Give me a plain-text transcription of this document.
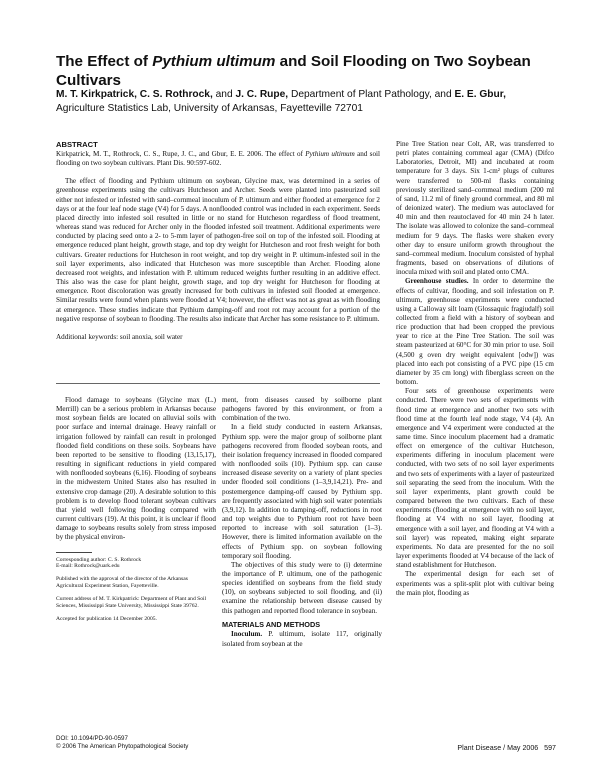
The Effect of Pythium ultimum and Soil Flooding on Two Soybean Cultivars
M. T. Kirkpatrick, C. S. Rothrock, and J. C. Rupe, Department of Plant Pathology, and E. E. Gbur, Agriculture Statistics Lab, University of Arkansas, Fayetteville 72701

ABSTRACT

Kirkpatrick, M. T., Rothrock, C. S., Rupe, J. C., and Gbur, E. E. 2006. The effect of Pythium ultimum and soil flooding on two soybean cultivars. Plant Dis. 90:597-602.

The effect of flooding and Pythium ultimum on soybean, Glycine max, was determined in a series of greenhouse experiments using the cultivars Hutcheson and Archer. Seeds were planted into pasteurized soil either not infested or infested with sand–cornmeal inoculum of P. ultimum and either flooded at emergence for 2 days or at the four leaf node stage (V4) for 5 days. A nonflooded control was included in each experiment. Seeds placed directly into infested soil resulted in little or no stand for Hutcheson regardless of flood treatment, whereas stand was reduced for Archer only in the flooded infested soil treatment. Additional experiments were conducted by placing seed onto a 2- to 5-mm layer of pathogen-free soil on top of the infested soil. Flooding at emergence reduced plant height, growth stage, and top dry weight for Hutcheson and root fresh weight for both cultivars. Greater reductions for Hutcheson in root weight, and top dry weight in P. ultimum-infested soil in the soil layer experiments, also indicated that Hutcheson was more susceptible than Archer. Flooding alone decreased root weights, and infestation with P. ultimum reduced weights further resulting in an additive effect. This also was the case for plant height, growth stage, and top dry weight for Hutcheson for flooding at emergence. Root discoloration was greatly increased for both cultivars in infested soil flooded at emergence. Similar results were found when plants were flooded at V4; however, the effect was not as great as with flooding at emergence. These studies indicate that Pythium damping-off and root rot may account for a portion of the negative response of soybean to flooding. The results also indicate that Archer has some resistance to P. ultimum.

Additional keywords: soil anoxia, soil water

Flood damage to soybeans (Glycine max (L.) Merrill) can be a serious problem in Arkansas because most soybean fields are located on alluvial soils with poor surface and internal drainage. Heavy rainfall or irrigation followed by rainfall can result in prolonged flooded field conditions on these soils. Soybeans have been reported to be sensitive to flooding (13,15,17), resulting in significant reductions in yield compared with nonflooded soybeans (6,16). Flooding of soybeans in the midwestern United States also has resulted in extensive crop damage (20). A desirable solution to this problem is to develop flood tolerant soybean cultivars that yield well following flooding compared with current cultivars (19). At this point, it is unclear if flood damage to soybeans results solely from stress imposed by the physical environ-

Corresponding author: C. S. Rothrock

E-mail: Rothrock@uark.edu

Published with the approval of the director of the Arkansas Agricultural Experiment Station, Fayetteville.

Current address of M. T. Kirkpatrick: Department of Plant and Soil Sciences, Mississippi State University, Mississippi State 39762.

Accepted for publication 14 December 2005.

ment, from diseases caused by soilborne plant pathogens favored by this environment, or from a combination of the two.

In a field study conducted in eastern Arkansas, Pythium spp. were the major group of soilborne plant pathogens recovered from flooded soybean roots, and their isolation frequency increased in flooded compared with nonflooded soils (10). Pythium spp. can cause increased disease severity on a variety of plant species under flooded soil conditions (1–3,9,14,21). Pre- and postemergence damping-off caused by Pythium spp. are frequently associated with high soil water potentials (3,9,12). In addition to damping-off, reductions in root and top weights due to Pythium root rot have been reported to increase with soil saturation (1–3). However, there is limited information available on the effects of Pythium spp. on soybean following temporary soil flooding.

The objectives of this study were to (i) determine the importance of P. ultimum, one of the pathogenic species identified on soybeans from the field study (10), on soybeans subjected to soil flooding, and (ii) examine the relationship between disease caused by this pathogen and reported flood tolerance in soybean.

MATERIALS AND METHODS

Inoculum. P. ultimum, isolate 117, originally isolated from soybean at the

Pine Tree Station near Colt, AR, was transferred to petri plates containing cornmeal agar (CMA) (Difco Laboratories, Detroit, MI) and incubated at room temperature for 3 days. Six 1-cm² plugs of cultures were transferred to 500-ml flasks containing previously sterilized sand–cornmeal medium (200 ml of sand, 11.2 ml of finely ground cornmeal, and 80 ml of deionized water). The medium was autoclaved for 40 min and then reautoclaved for 40 min 24 h later. The isolate was allowed to colonize the sand–cornmeal medium for 9 days. The flasks were shaken every other day to ensure uniform growth throughout the sand–cornmeal medium. Inoculum consisted of hyphal fragments, based on observations of dilutions of inocula mixed with soil and plated onto CMA.

Greenhouse studies. In order to determine the effects of cultivar, flooding, and soil infestation on P. ultimum, greenhouse experiments were conducted using a Calloway silt loam (Glossaquic fragiudalf) soil collected from a field with a history of soybean and rice production that had been cropped the previous year to rice at the Pine Tree Station. The soil was steam pasteurized at 60°C for 30 min prior to use. Soil (4,500 g oven dry weight equivalent [odw]) was placed into each pot consisting of a PVC pipe (15 cm diameter by 35 cm long) with fiberglass screen on the bottom.

Four sets of greenhouse experiments were conducted. There were two sets of experiments with flood time at emergence and another two sets with flood time at the fourth leaf node stage, V4 (4). An emergence and V4 experiment were conducted at the same time. Since inoculum placement had a dramatic effect on emergence of the cultivar Hutcheson, experiments differing in inoculum placement were conducted, with two sets of no soil layer experiments and two sets of experiments with a layer of pasteurized soil separating the seed from the inoculum. With the soil layer experiments, plant growth could be compared between the two cultivars. Each of these experiments (flooding at emergence with no soil layer, flooding at V4 with no soil layer, flooding at emergence with a soil layer, and flooding at V4 with a soil layer) was repeated, making eight separate experiments. No data are presented for the no soil layer experiments flooded at V4 because of the lack of stand establishment for Hutcheson.

The experimental design for each set of experiments was a split-split plot with cultivar being the main plot, flooding as

DOI: 10.1094/PD-90-0597
© 2006 The American Phytopathological Society	Plant Disease / May 2006 597
